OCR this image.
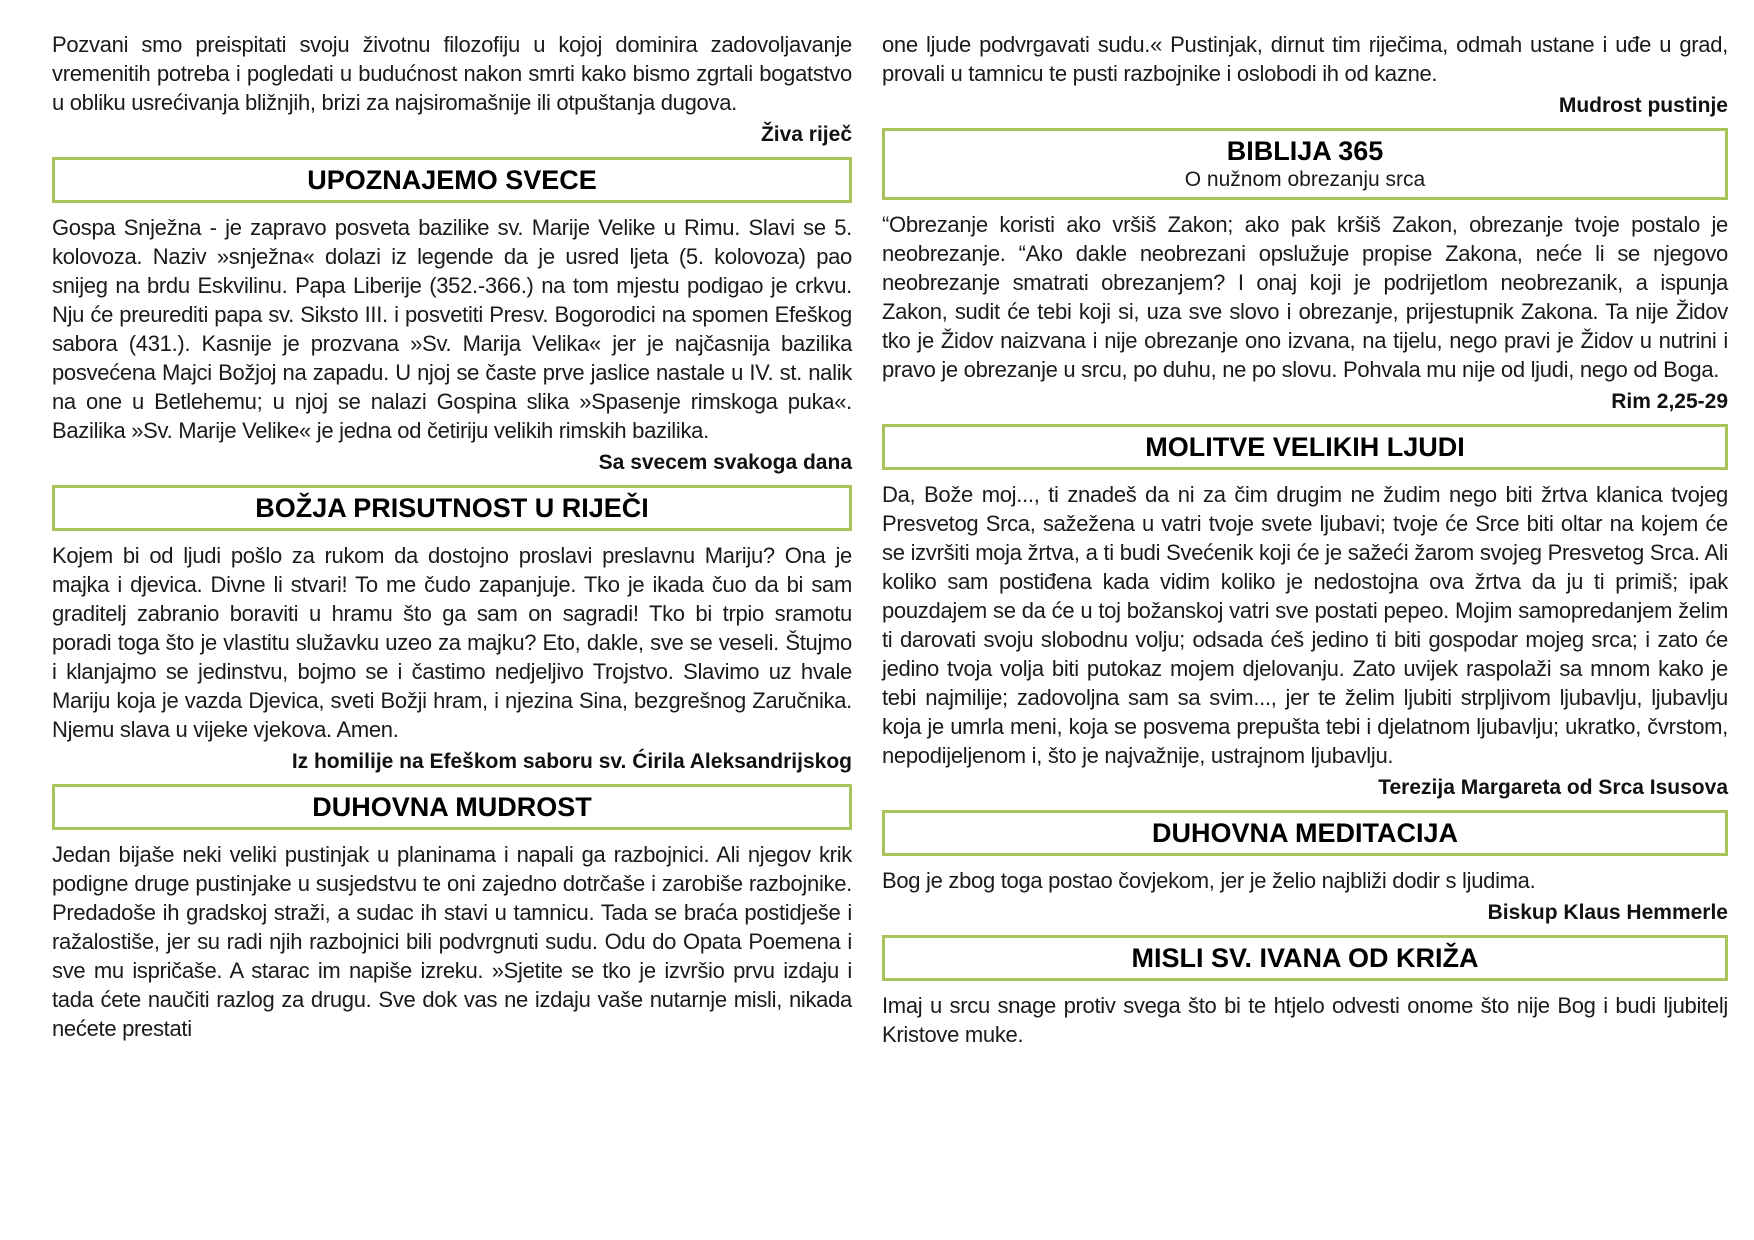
Pozvani smo preispitati svoju životnu filozofiju u kojoj dominira zadovoljavanje vremenitih potreba i pogledati u budućnost nakon smrti kako bismo zgrtali bogatstvo u obliku usrećivanja bližnjih, brizi za najsiromašnije ili otpuštanja dugova.

Živa riječ

UPOZNAJEMO SVECE

Gospa Snježna - je zapravo posveta bazilike sv. Marije Velike u Rimu. Slavi se 5. kolovoza. Naziv »snježna« dolazi iz legende da je usred ljeta (5. kolovoza) pao snijeg na brdu Eskvilinu. Papa Liberije (352.-366.) na tom mjestu podigao je crkvu. Nju će preurediti papa sv. Siksto III. i posvetiti Presv. Bogorodici na spomen Efeškog sabora (431.). Kasnije je prozvana »Sv. Marija Velika« jer je najčasnija bazilika posvećena Majci Božjoj na zapadu. U njoj se časte prve jaslice nastale u IV. st. nalik na one u Betlehemu; u njoj se nalazi Gospina slika »Spasenje rimskoga puka«. Bazilika »Sv. Marije Velike« je jedna od četiriju velikih rimskih bazilika.

Sa svecem svakoga dana

BOŽJA PRISUTNOST U RIJEČI

Kojem bi od ljudi pošlo za rukom da dostojno proslavi preslavnu Mariju? Ona je majka i djevica. Divne li stvari! To me čudo zapanjuje. Tko je ikada čuo da bi sam graditelj zabranio boraviti u hramu što ga sam on sagradi! Tko bi trpio sramotu poradi toga što je vlastitu služavku uzeo za majku? Eto, dakle, sve se veseli. Štujmo i klanjajmo se jedinstvu, bojmo se i častimo nedjeljivo Trojstvo. Slavimo uz hvale Mariju koja je vazda Djevica, sveti Božji hram, i njezina Sina, bezgrešnog Zaručnika. Njemu slava u vijeke vjekova. Amen.

Iz homilije na Efeškom saboru sv. Ćirila Aleksandrijskog

DUHOVNA MUDROST

Jedan bijaše neki veliki pustinjak u planinama i napali ga razbojnici. Ali njegov krik podigne druge pustinjake u susjedstvu te oni zajedno dotrčaše i zarobiše razbojnike. Predadoše ih gradskoj straži, a sudac ih stavi u tamnicu. Tada se braća postidješe i ražalostiše, jer su radi njih razbojnici bili podvrgnuti sudu. Odu do Opata Poemena i sve mu ispričaše. A starac im napiše izreku. »Sjetite se tko je izvršio prvu izdaju i tada ćete naučiti razlog za drugu. Sve dok vas ne izdaju vaše nutarnje misli, nikada nećete prestati

one ljude podvrgavati sudu.« Pustinjak, dirnut tim riječima, odmah ustane i uđe u grad, provali u tamnicu te pusti razbojnike i oslobodi ih od kazne.

Mudrost pustinje

BIBLIJA 365
O nužnom obrezanju srca

“Obrezanje koristi ako vršiš Zakon; ako pak kršiš Zakon, obrezanje tvoje postalo je neobrezanje. “Ako dakle neobrezani opslužuje propise Zakona, neće li se njegovo neobrezanje smatrati obrezanjem? I onaj koji je podrijetlom neobrezanik, a ispunja Zakon, sudit će tebi koji si, uza sve slovo i obrezanje, prijestupnik Zakona. Ta nije Židov tko je Židov naizvana i nije obrezanje ono izvana, na tijelu, nego pravi je Židov u nutrini i pravo je obrezanje u srcu, po duhu, ne po slovu. Pohvala mu nije od ljudi, nego od Boga.

Rim 2,25-29

MOLITVE VELIKIH LJUDI

Da, Bože moj..., ti znadeš da ni za čim drugim ne žudim nego biti žrtva klanica tvojeg Presvetog Srca, sažežena u vatri tvoje svete ljubavi; tvoje će Srce biti oltar na kojem će se izvršiti moja žrtva, a ti budi Svećenik koji će je sažeći žarom svojeg Presvetog Srca. Ali koliko sam postiđena kada vidim koliko je nedostojna ova žrtva da ju ti primiš; ipak pouzdajem se da će u toj božanskoj vatri sve postati pepeo. Mojim samopredanjem želim ti darovati svoju slobodnu volju; odsada ćeš jedino ti biti gospodar mojeg srca; i zato će jedino tvoja volja biti putokaz mojem djelovanju. Zato uvijek raspolaži sa mnom kako je tebi najmilije; zadovoljna sam sa svim..., jer te želim ljubiti strpljivom ljubavlju, ljubavlju koja je umrla meni, koja se posvema prepušta tebi i djelatnom ljubavlju; ukratko, čvrstom, nepodijeljenom i, što je najvažnije, ustrajnom ljubavlju.

Terezija Margareta od Srca Isusova

DUHOVNA MEDITACIJA

Bog je zbog toga postao čovjekom, jer je želio najbliži dodir s ljudima.

Biskup Klaus Hemmerle

MISLI SV. IVANA OD KRIŽA

Imaj u srcu snage protiv svega što bi te htjelo odvesti onome što nije Bog i budi ljubitelj Kristove muke.
